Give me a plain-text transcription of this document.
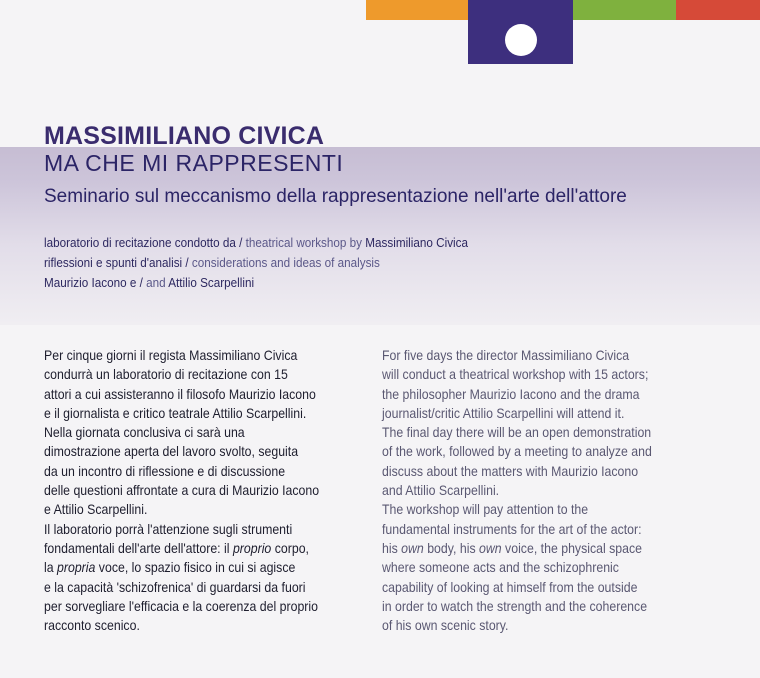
MASSIMILIANO CIVICA
MA CHE MI RAPPRESENTI

Seminario sul meccanismo della rappresentazione nell'arte dell'attore

laboratorio di recitazione condotto da / theatrical workshop by Massimiliano Civica
riflessioni e spunti d'analisi / considerations and ideas of analysis
Maurizio Iacono e / and Attilio Scarpellini

Per cinque giorni il regista Massimiliano Civica

condurrà un laboratorio di recitazione con 15

attori a cui assisteranno il filosofo Maurizio Iacono

e il giornalista e critico teatrale Attilio Scarpellini.

Nella giornata conclusiva ci sarà una

dimostrazione aperta del lavoro svolto, seguita

da un incontro di riflessione e di discussione

delle questioni affrontate a cura di Maurizio Iacono

e Attilio Scarpellini.

Il laboratorio porrà l'attenzione sugli strumenti

fondamentali dell'arte dell'attore: il proprio corpo,

la propria voce, lo spazio fisico in cui si agisce

e la capacità 'schizofrenica' di guardarsi da fuori

per sorvegliare l'efficacia e la coerenza del proprio

racconto scenico.

For five days the director Massimiliano Civica

will conduct a theatrical workshop with 15 actors;

the philosopher Maurizio Iacono and the drama

journalist/critic Attilio Scarpellini will attend it.

The final day there will be an open demonstration

of the work, followed by a meeting to analyze and

discuss about the matters with Maurizio Iacono

and Attilio Scarpellini.

The workshop will pay attention to the

fundamental instruments for the art of the actor:

his own body, his own voice, the physical space

where someone acts and the schizophrenic

capability of looking at himself from the outside

in order to watch the strength and the coherence

of his own scenic story.
